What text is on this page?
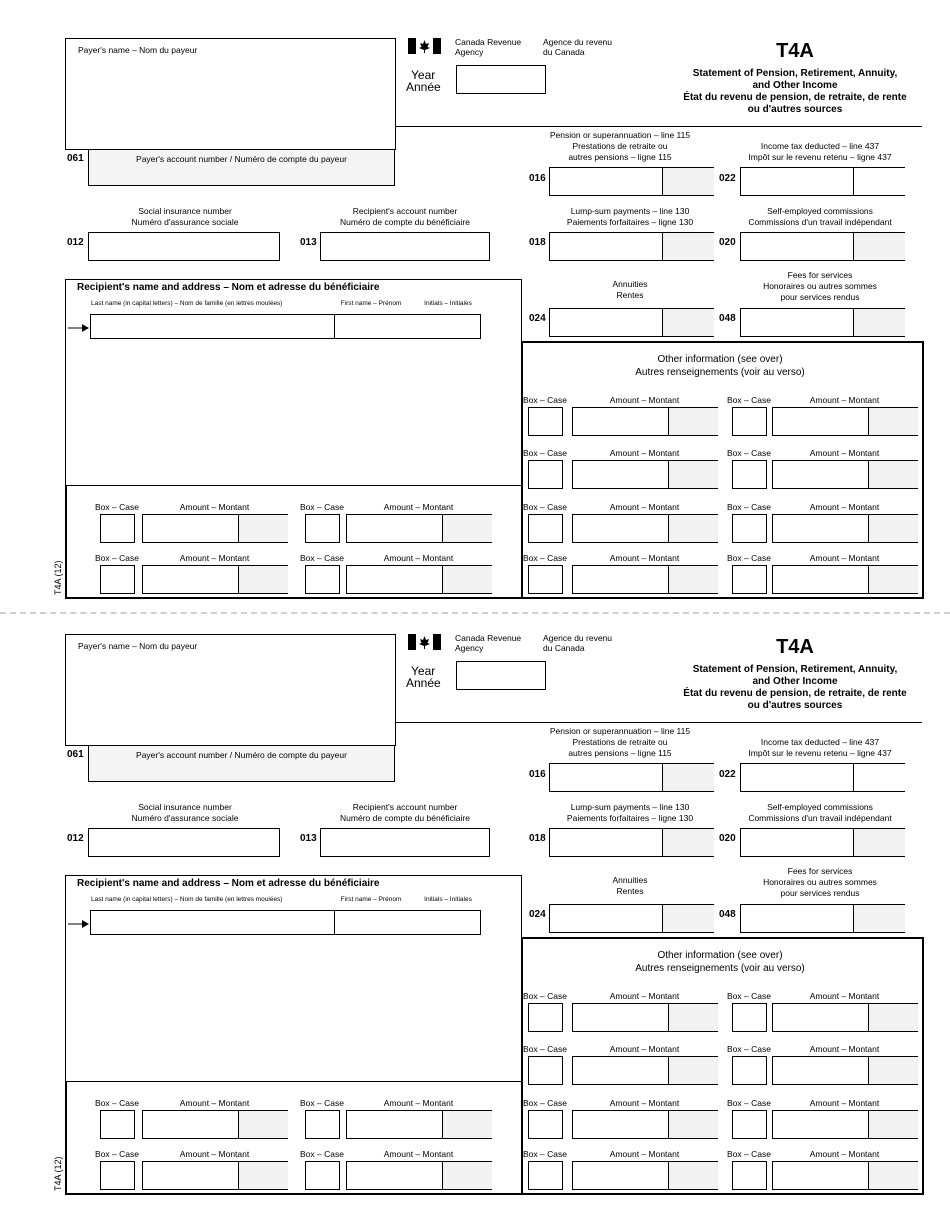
Payer's name – Nom du payeur
061	Payer's account number / Numéro de compte du payeur
Canada Revenue Agency
Agence du revenu du Canada
Year
Année
T4A
Statement of Pension, Retirement, Annuity,
and Other Income
État du revenu de pension, de retraite, de rente
ou d'autres sources
Pension or superannuation – line 115
Prestations de retraite ou
autres pensions – ligne 115
016
Income tax deducted – line 437
Impôt sur le revenu retenu – ligne 437
022
Social insurance number
Numéro d'assurance sociale
012
Recipient's account number
Numéro de compte du bénéficiaire
013
Lump-sum payments – line 130
Paiements forfaitaires – ligne 130
018
Self-employed commissions
Commissions d'un travail indépendant
020
Recipient's name and address – Nom et adresse du bénéficiaire
Last name (in capital letters) – Nom de famille (en lettres moulées)	First name – Prénom	Initials – Initiales
Annuities
Rentes
024
Fees for services
Honoraires ou autres sommes
pour services rendus
048
Other information (see over)
Autres renseignements (voir au verso)
T4A (12)
Box – Case	Amount – Montant	Box – Case	Amount – Montant
Box – Case	Amount – Montant	Box – Case	Amount – Montant
Box – Case	Amount – Montant	Box – Case	Amount – Montant
Box – Case	Amount – Montant	Box – Case	Amount – Montant
Box – Case	Amount – Montant	Box – Case	Amount – Montant
Box – Case	Amount – Montant	Box – Case	Amount – Montant
Payer's name – Nom du payeur
061	Payer's account number / Numéro de compte du payeur
Canada Revenue Agency
Agence du revenu du Canada
Year
Année
T4A
Statement of Pension, Retirement, Annuity,
and Other Income
État du revenu de pension, de retraite, de rente
ou d'autres sources
Pension or superannuation – line 115
Prestations de retraite ou
autres pensions – ligne 115
016
Income tax deducted – line 437
Impôt sur le revenu retenu – ligne 437
022
Social insurance number
Numéro d'assurance sociale
012
Recipient's account number
Numéro de compte du bénéficiaire
013
Lump-sum payments – line 130
Paiements forfaitaires – ligne 130
018
Self-employed commissions
Commissions d'un travail indépendant
020
Recipient's name and address – Nom et adresse du bénéficiaire
Last name (in capital letters) – Nom de famille (en lettres moulées)	First name – Prénom	Initials – Initiales
Annuities
Rentes
024
Fees for services
Honoraires ou autres sommes
pour services rendus
048
Other information (see over)
Autres renseignements (voir au verso)
T4A (12)
Box – Case	Amount – Montant	Box – Case	Amount – Montant
Box – Case	Amount – Montant	Box – Case	Amount – Montant
Box – Case	Amount – Montant	Box – Case	Amount – Montant
Box – Case	Amount – Montant	Box – Case	Amount – Montant
Box – Case	Amount – Montant	Box – Case	Amount – Montant
Box – Case	Amount – Montant	Box – Case	Amount – Montant
